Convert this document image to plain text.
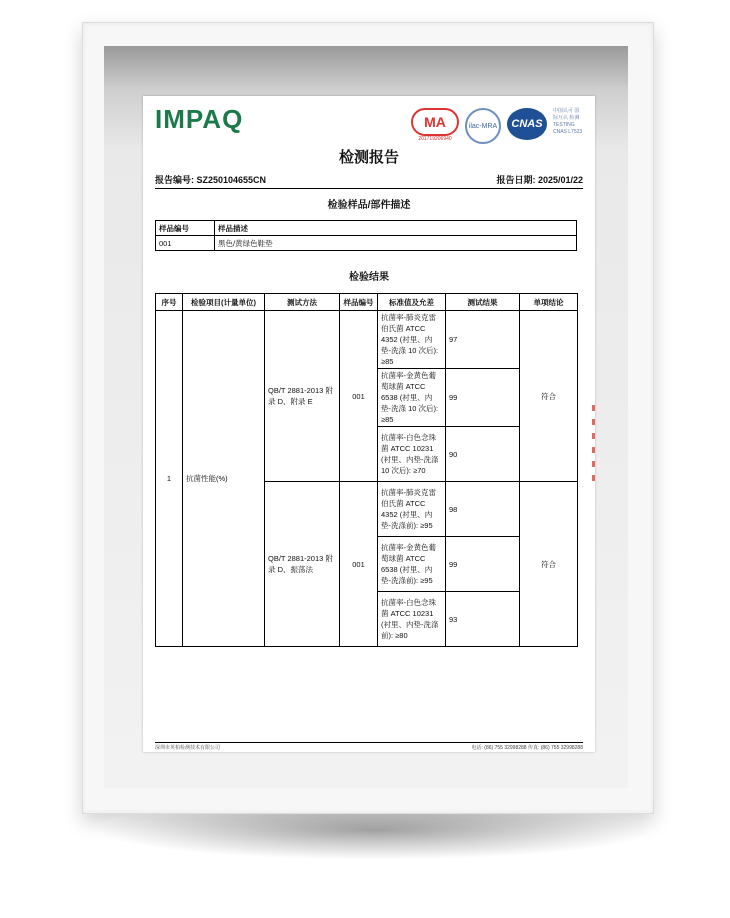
IMPAQ	MA
201719206940
ilac-MRA	CNAS
中国认可 国际互认 检测 TESTING CNAS L7523
检测报告
报告编号: SZ250104655CN	报告日期: 2025/01/22
检验样品/部件描述
样品编号	样品描述
001	黑色/黄绿色鞋垫
检验结果
序号	检验项目(计量单位)	测试方法	样品编号	标准值及允差	测试结果	单项结论
1	抗菌性能(%)	QB/T 2881-2013 附录 D、附录 E	001	抗菌率-肺炎克雷伯氏菌 ATCC 4352 (衬里、内垫-洗涤 10 次后): ≥85	97	符合
				抗菌率-金黄色葡萄球菌 ATCC 6538 (衬里、内垫-洗涤 10 次后): ≥85	99	
				抗菌率-白色念珠菌 ATCC 10231 (衬里、内垫-洗涤 10 次后): ≥70	90	
		QB/T 2881-2013 附录 D、振荡法	001	抗菌率-肺炎克雷伯氏菌 ATCC 4352 (衬里、内垫-洗涤前): ≥95	98	符合
				抗菌率-金黄色葡萄球菌 ATCC 6538 (衬里、内垫-洗涤前): ≥95	99	
				抗菌率-白色念珠菌 ATCC 10231 (衬里、内垫-洗涤前): ≥80	93	
深圳市英柏检测技术有限公司	电话: (86) 755 32998288 传真: (86) 755 32998288
